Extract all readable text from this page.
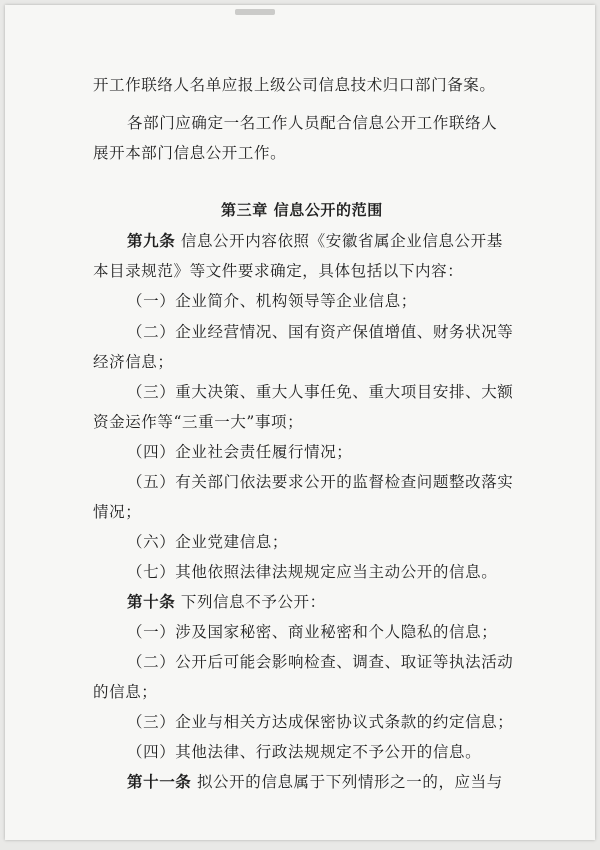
开工作联络人名单应报上级公司信息技术归口部门备案。
各部门应确定一名工作人员配合信息公开工作联络人
展开本部门信息公开工作。
第三章 信息公开的范围
第九条 信息公开内容依照《安徽省属企业信息公开基
本目录规范》等文件要求确定，具体包括以下内容：
（一）企业简介、机构领导等企业信息；
（二）企业经营情况、国有资产保值增值、财务状况等
经济信息；
（三）重大决策、重大人事任免、重大项目安排、大额
资金运作等“三重一大”事项；
（四）企业社会责任履行情况；
（五）有关部门依法要求公开的监督检查问题整改落实
情况；
（六）企业党建信息；
（七）其他依照法律法规规定应当主动公开的信息。
第十条 下列信息不予公开：
（一）涉及国家秘密、商业秘密和个人隐私的信息；
（二）公开后可能会影响检查、调查、取证等执法活动
的信息；
（三）企业与相关方达成保密协议式条款的约定信息；
（四）其他法律、行政法规规定不予公开的信息。
第十一条 拟公开的信息属于下列情形之一的，应当与
